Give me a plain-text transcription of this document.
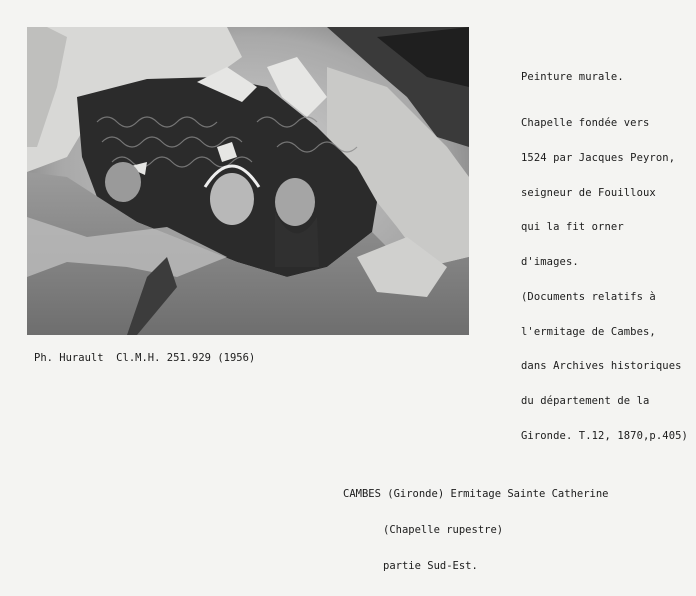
Peinture murale.

Chapelle fondée vers

1524 par Jacques Peyron,

seigneur de Fouilloux

qui la fit orner

d'images.

(Documents relatifs à

l'ermitage de Cambes,

dans Archives historiques

du département de la

Gironde. T.12, 1870,p.405)

Ph. Hurault  Cl.M.H. 251.929 (1956)

CAMBES (Gironde) Ermitage Sainte Catherine

(Chapelle rupestre)

partie Sud-Est.
